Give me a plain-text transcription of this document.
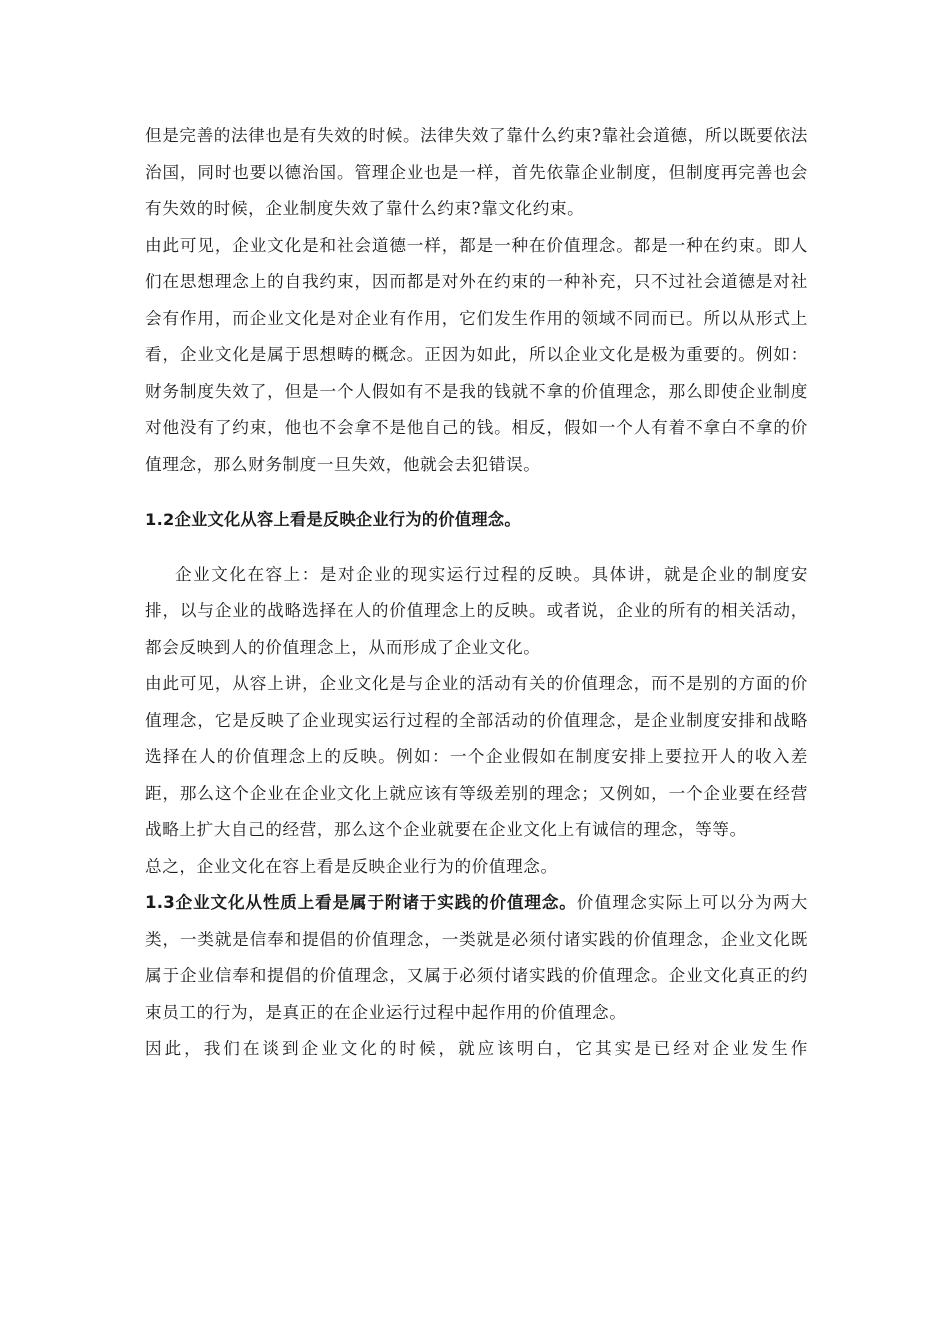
但是完善的法律也是有失效的时候。法律失效了靠什么约束?靠社会道德，所以既要依法治国，同时也要以德治国。管理企业也是一样，首先依靠企业制度，但制度再完善也会有失效的时候，企业制度失效了靠什么约束?靠文化约束。

由此可见，企业文化是和社会道德一样，都是一种在价值理念。都是一种在约束。即人们在思想理念上的自我约束，因而都是对外在约束的一种补充，只不过社会道德是对社会有作用，而企业文化是对企业有作用，它们发生作用的领域不同而已。所以从形式上看，企业文化是属于思想畴的概念。正因为如此，所以企业文化是极为重要的。例如：财务制度失效了，但是一个人假如有不是我的钱就不拿的价值理念，那么即使企业制度对他没有了约束，他也不会拿不是他自己的钱。相反，假如一个人有着不拿白不拿的价值理念，那么财务制度一旦失效，他就会去犯错误。

1.2企业文化从容上看是反映企业行为的价值理念。

企业文化在容上：是对企业的现实运行过程的反映。具体讲，就是企业的制度安排，以与企业的战略选择在人的价值理念上的反映。或者说，企业的所有的相关活动，都会反映到人的价值理念上，从而形成了企业文化。

由此可见，从容上讲，企业文化是与企业的活动有关的价值理念，而不是别的方面的价值理念，它是反映了企业现实运行过程的全部活动的价值理念，是企业制度安排和战略选择在人的价值理念上的反映。例如：一个企业假如在制度安排上要拉开人的收入差距，那么这个企业在企业文化上就应该有等级差别的理念；又例如，一个企业要在经营战略上扩大自己的经营，那么这个企业就要在企业文化上有诚信的理念，等等。

总之，企业文化在容上看是反映企业行为的价值理念。

1.3企业文化从性质上看是属于附诸于实践的价值理念。价值理念实际上可以分为两大类，一类就是信奉和提倡的价值理念，一类就是必须付诸实践的价值理念，企业文化既属于企业信奉和提倡的价值理念，又属于必须付诸实践的价值理念。企业文化真正的约束员工的行为，是真正的在企业运行过程中起作用的价值理念。

因此，我们在谈到企业文化的时候，就应该明白，它其实是已经对企业发生作
